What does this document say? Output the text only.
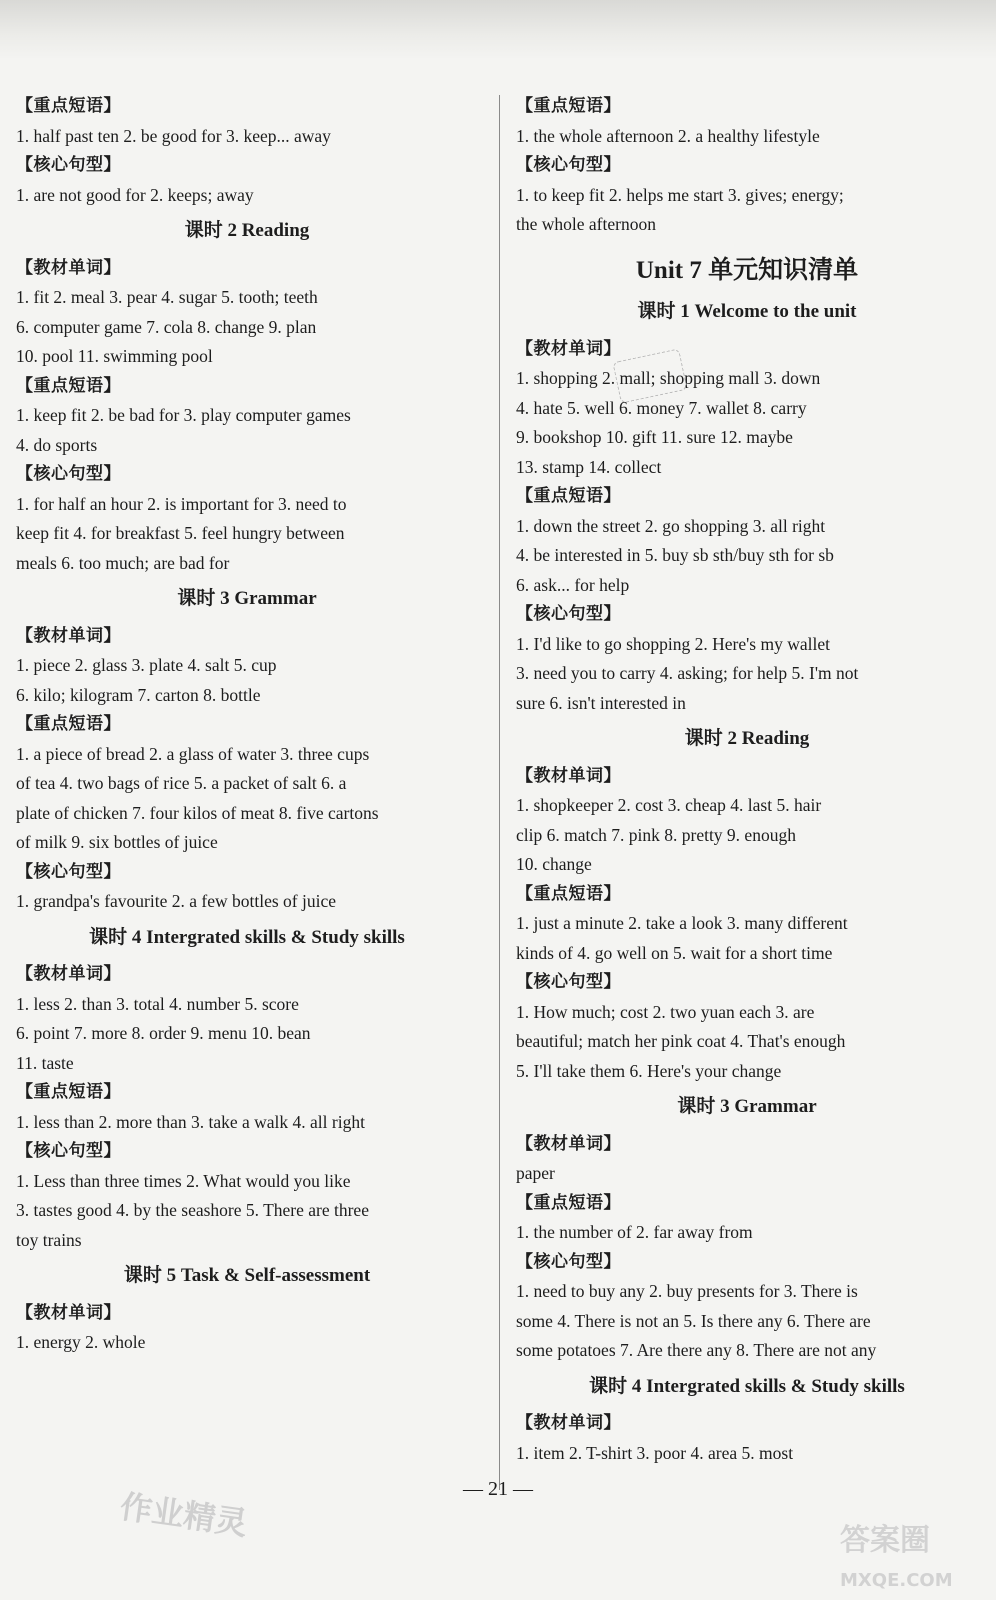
【重点短语】
1. half past ten 2. be good for 3. keep... away
【核心句型】
1. are not good for 2. keeps; away
课时 2 Reading
【教材单词】
1. fit 2. meal 3. pear 4. sugar 5. tooth; teeth
6. computer game 7. cola 8. change 9. plan
10. pool 11. swimming pool
【重点短语】
1. keep fit 2. be bad for 3. play computer games
4. do sports
【核心句型】
1. for half an hour 2. is important for 3. need to
keep fit 4. for breakfast 5. feel hungry between
meals 6. too much; are bad for
课时 3 Grammar
【教材单词】
1. piece 2. glass 3. plate 4. salt 5. cup
6. kilo; kilogram 7. carton 8. bottle
【重点短语】
1. a piece of bread 2. a glass of water 3. three cups
of tea 4. two bags of rice 5. a packet of salt 6. a
plate of chicken 7. four kilos of meat 8. five cartons
of milk 9. six bottles of juice
【核心句型】
1. grandpa's favourite 2. a few bottles of juice
课时 4 Intergrated skills & Study skills
【教材单词】
1. less 2. than 3. total 4. number 5. score
6. point 7. more 8. order 9. menu 10. bean
11. taste
【重点短语】
1. less than 2. more than 3. take a walk 4. all right
【核心句型】
1. Less than three times 2. What would you like
3. tastes good 4. by the seashore 5. There are three
toy trains
课时 5 Task & Self-assessment
【教材单词】
1. energy 2. whole
【重点短语】
1. the whole afternoon 2. a healthy lifestyle
【核心句型】
1. to keep fit 2. helps me start 3. gives; energy;
the whole afternoon
Unit 7 单元知识清单
课时 1 Welcome to the unit
【教材单词】
1. shopping 2. mall; shopping mall 3. down
4. hate 5. well 6. money 7. wallet 8. carry
9. bookshop 10. gift 11. sure 12. maybe
13. stamp 14. collect
【重点短语】
1. down the street 2. go shopping 3. all right
4. be interested in 5. buy sb sth/buy sth for sb
6. ask... for help
【核心句型】
1. I'd like to go shopping 2. Here's my wallet
3. need you to carry 4. asking; for help 5. I'm not
sure 6. isn't interested in
课时 2 Reading
【教材单词】
1. shopkeeper 2. cost 3. cheap 4. last 5. hair
clip 6. match 7. pink 8. pretty 9. enough
10. change
【重点短语】
1. just a minute 2. take a look 3. many different
kinds of 4. go well on 5. wait for a short time
【核心句型】
1. How much; cost 2. two yuan each 3. are
beautiful; match her pink coat 4. That's enough
5. I'll take them 6. Here's your change
课时 3 Grammar
【教材单词】
paper
【重点短语】
1. the number of 2. far away from
【核心句型】
1. need to buy any 2. buy presents for 3. There is
some 4. There is not an 5. Is there any 6. There are
some potatoes 7. Are there any 8. There are not any
课时 4 Intergrated skills & Study skills
【教材单词】
1. item 2. T-shirt 3. poor 4. area 5. most
— 21 —
作业精灵	答案圈
MXQE.COM
